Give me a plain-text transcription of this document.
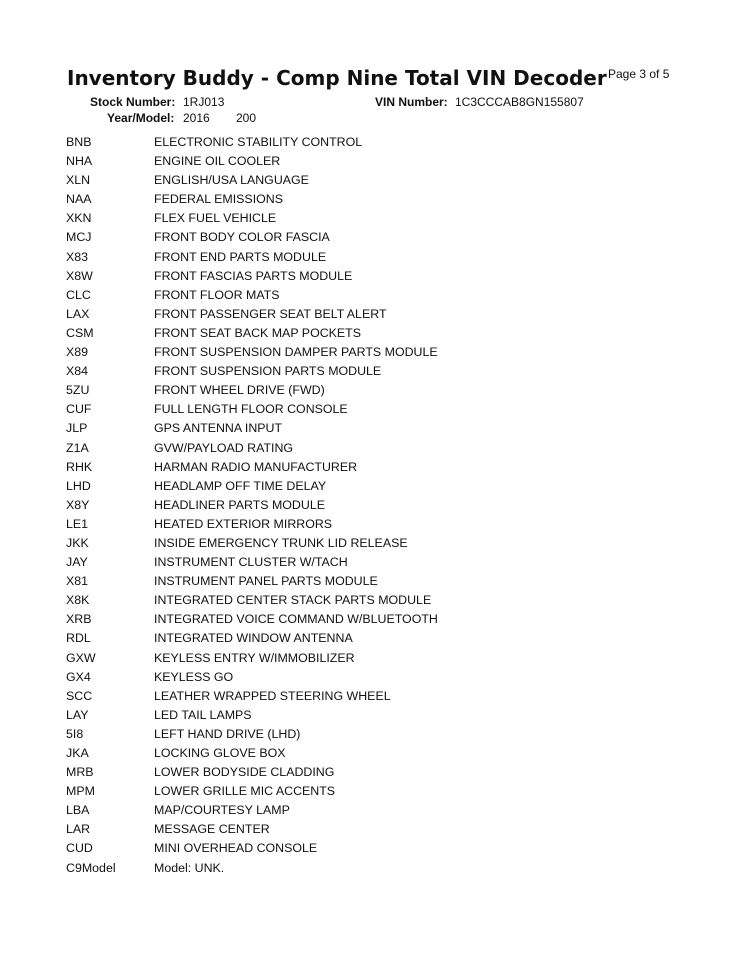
Inventory Buddy - Comp Nine Total VIN Decoder Page 3 of 5
Stock Number: 1RJ013	VIN Number: 1C3CCCAB8GN155807
Year/Model: 2016 200
BNB	ELECTRONIC STABILITY CONTROL
NHA	ENGINE OIL COOLER
XLN	ENGLISH/USA LANGUAGE
NAA	FEDERAL EMISSIONS
XKN	FLEX FUEL VEHICLE
MCJ	FRONT BODY COLOR FASCIA
X83	FRONT END PARTS MODULE
X8W	FRONT FASCIAS PARTS MODULE
CLC	FRONT FLOOR MATS
LAX	FRONT PASSENGER SEAT BELT ALERT
CSM	FRONT SEAT BACK MAP POCKETS
X89	FRONT SUSPENSION DAMPER PARTS MODULE
X84	FRONT SUSPENSION PARTS MODULE
5ZU	FRONT WHEEL DRIVE (FWD)
CUF	FULL LENGTH FLOOR CONSOLE
JLP	GPS ANTENNA INPUT
Z1A	GVW/PAYLOAD RATING
RHK	HARMAN RADIO MANUFACTURER
LHD	HEADLAMP OFF TIME DELAY
X8Y	HEADLINER PARTS MODULE
LE1	HEATED EXTERIOR MIRRORS
JKK	INSIDE EMERGENCY TRUNK LID RELEASE
JAY	INSTRUMENT CLUSTER W/TACH
X81	INSTRUMENT PANEL PARTS MODULE
X8K	INTEGRATED CENTER STACK PARTS MODULE
XRB	INTEGRATED VOICE COMMAND W/BLUETOOTH
RDL	INTEGRATED WINDOW ANTENNA
GXW	KEYLESS ENTRY W/IMMOBILIZER
GX4	KEYLESS GO
SCC	LEATHER WRAPPED STEERING WHEEL
LAY	LED TAIL LAMPS
5I8	LEFT HAND DRIVE (LHD)
JKA	LOCKING GLOVE BOX
MRB	LOWER BODYSIDE CLADDING
MPM	LOWER GRILLE MIC ACCENTS
LBA	MAP/COURTESY LAMP
LAR	MESSAGE CENTER
CUD	MINI OVERHEAD CONSOLE
C9Model	Model: UNK.
